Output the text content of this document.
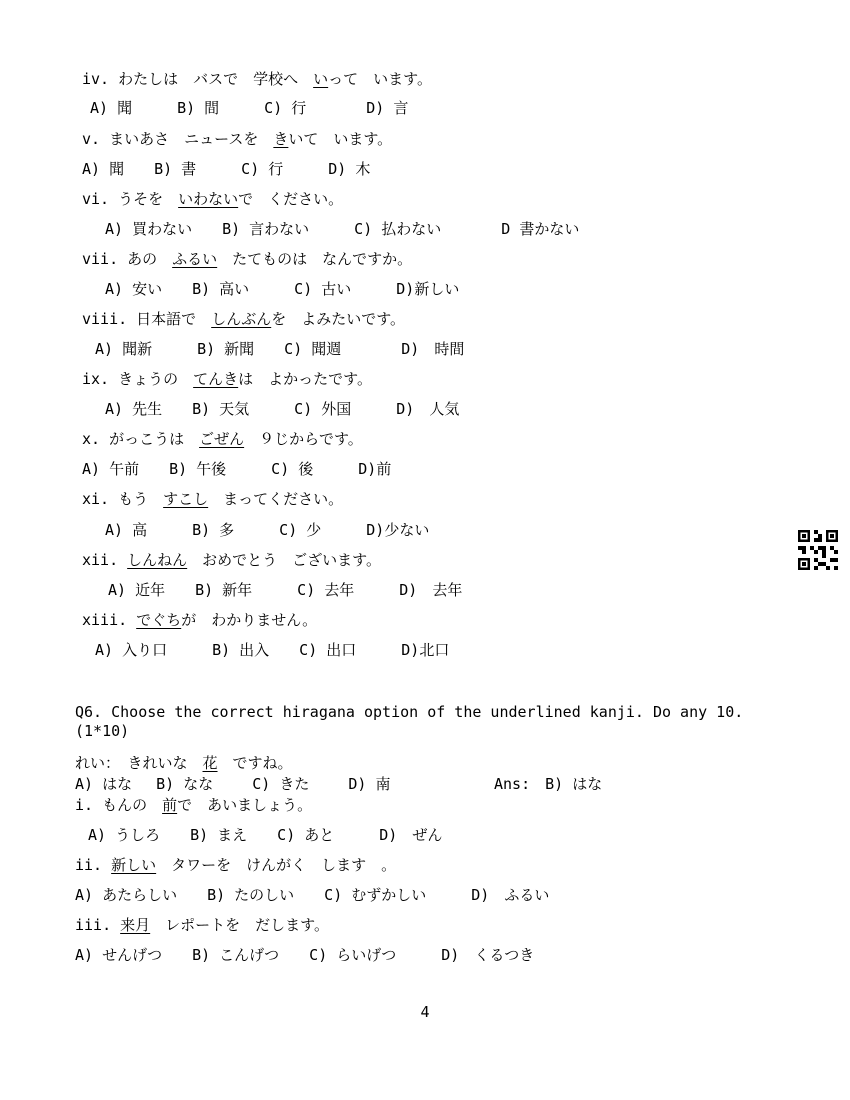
iv. わたしは　バスで　学校へ　いって　います。
A) 聞　　　B) 間　　　C) 行　　　　D) 言
v. まいあさ　ニュースを　きいて　います。
A) 聞　　B) 書　　　C) 行　　　D) 木
vi. うそを　いわないで　ください。
A) 買わない　　B) 言わない　　　C) 払わない　　　　D 書かない
vii. あの　ふるい　たてものは　なんですか。
A) 安い　　B) 高い　　　C) 古い　　　D)新しい
viii. 日本語で　しんぶんを　よみたいです。
A) 聞新　　　B) 新聞　　C) 聞週　　　　D)　時間
ix. きょうの　てんきは　よかったです。
A) 先生　　B) 天気　　　C) 外国　　　D)　人気
x. がっこうは　ごぜん　９じからです。
A) 午前　　B) 午後　　　C) 後　　　D)前
xi. もう　すこし　まってください。
A) 高　　　B) 多　　　C) 少　　　D)少ない
xii. しんねん　おめでとう　ございます。
A) 近年　　B) 新年　　　C) 去年　　　D)　去年
xiii. でぐちが　わかりません。
A) 入り口　　　B) 出入　　C) 出口　　　D)北口
Q6. Choose the correct hiragana option of the underlined kanji. Do any 10.
(1*10)
れい：　きれいな　花　ですね。
A) はな　 B) なな　　 C) きた　　 D) 南	Ans:　B) はな
i. もんの　前で　あいましょう。
A) うしろ　　B) まえ　　C) あと　　　D)　ぜん
ii. 新しい　タワーを　けんがく　します　。
A) あたらしい　　B) たのしい　　C) むずかしい　　　D)　ふるい
iii. 来月　レポートを　だします。
A) せんげつ　　B) こんげつ　　C) らいげつ　　　D)　くるつき
4
